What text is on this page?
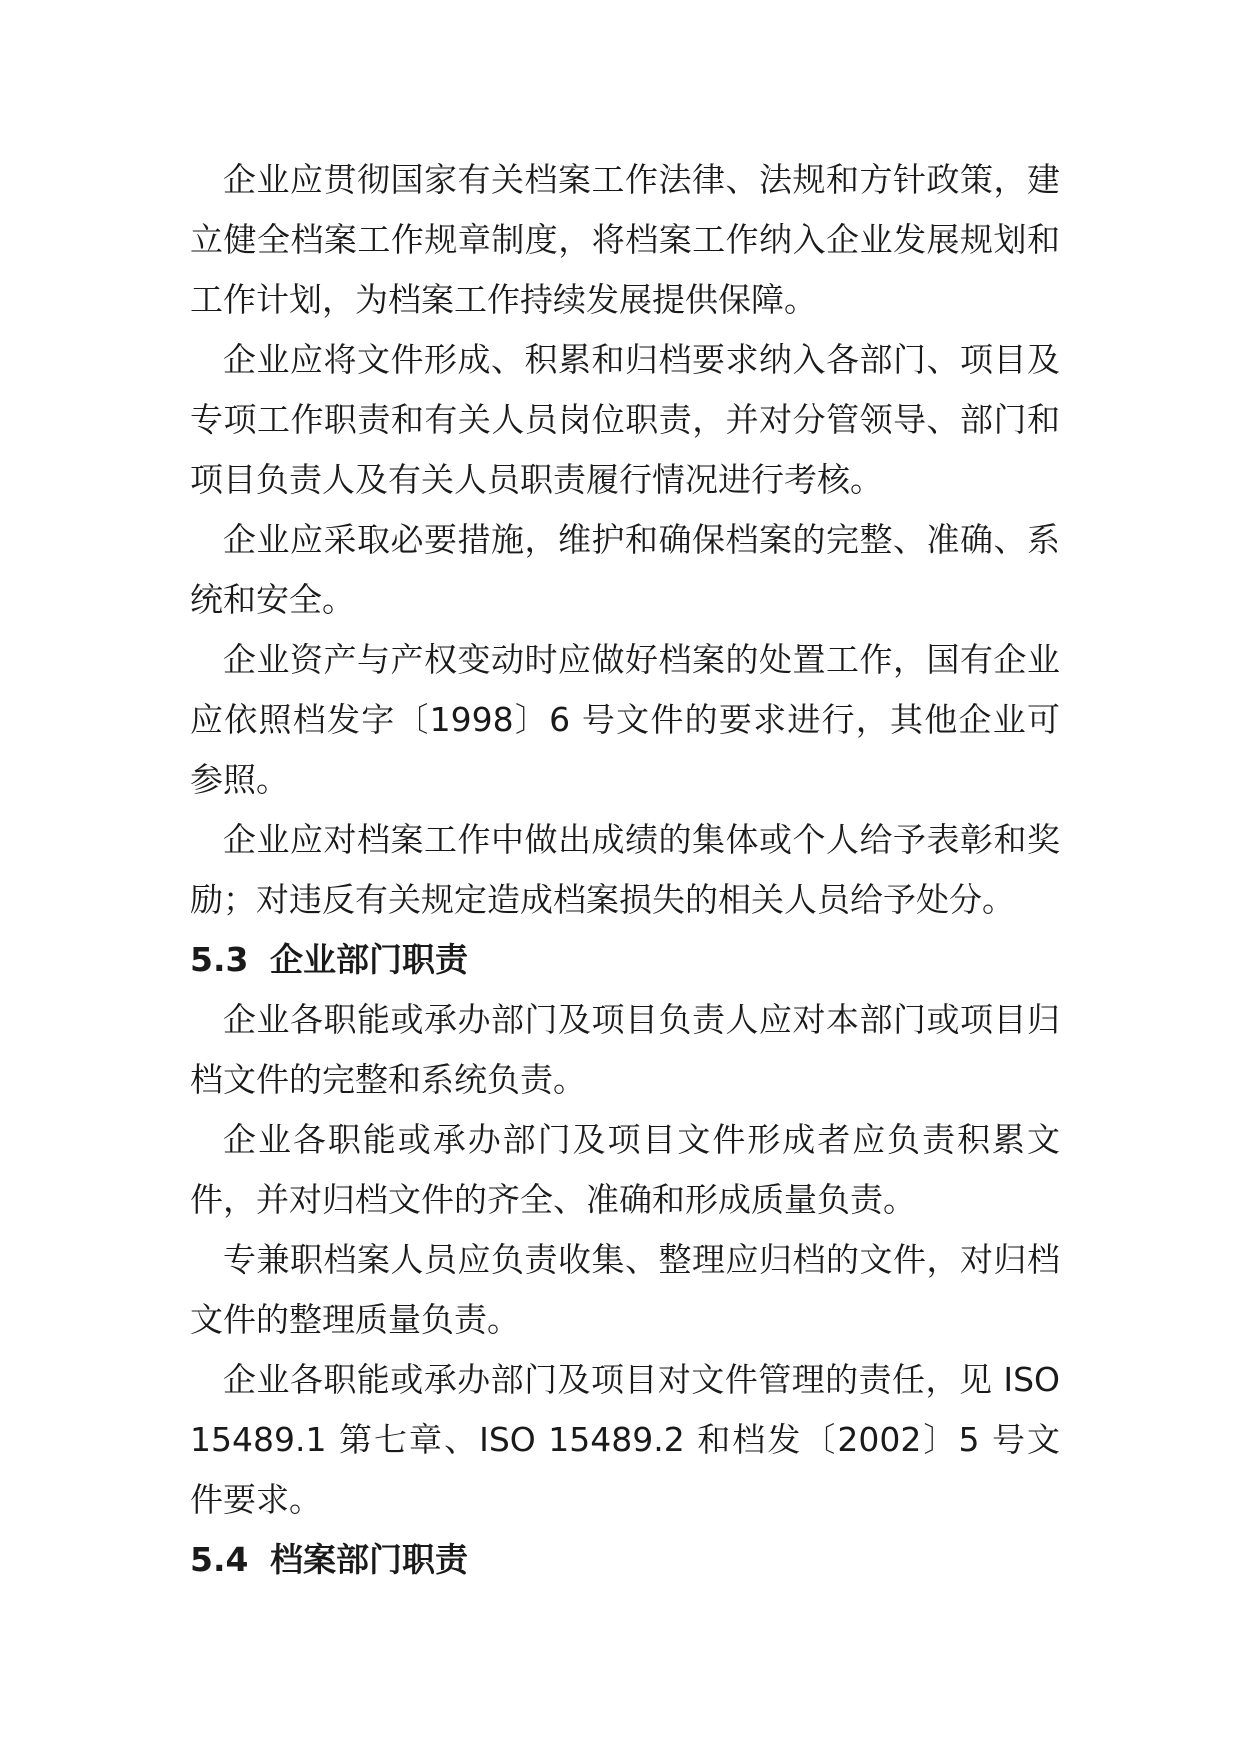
企业应贯彻国家有关档案工作法律、法规和方针政策，建立健全档案工作规章制度，将档案工作纳入企业发展规划和工作计划，为档案工作持续发展提供保障。

企业应将文件形成、积累和归档要求纳入各部门、项目及专项工作职责和有关人员岗位职责，并对分管领导、部门和项目负责人及有关人员职责履行情况进行考核。

企业应采取必要措施，维护和确保档案的完整、准确、系统和安全。

企业资产与产权变动时应做好档案的处置工作，国有企业应依照档发字〔1998〕6 号文件的要求进行，其他企业可参照。

企业应对档案工作中做出成绩的集体或个人给予表彰和奖励；对违反有关规定造成档案损失的相关人员给予处分。

5.3 企业部门职责

企业各职能或承办部门及项目负责人应对本部门或项目归档文件的完整和系统负责。

企业各职能或承办部门及项目文件形成者应负责积累文件，并对归档文件的齐全、准确和形成质量负责。

专兼职档案人员应负责收集、整理应归档的文件，对归档文件的整理质量负责。

企业各职能或承办部门及项目对文件管理的责任，见 ISO 15489.1 第七章、ISO 15489.2 和档发〔2002〕5 号文件要求。

5.4 档案部门职责
